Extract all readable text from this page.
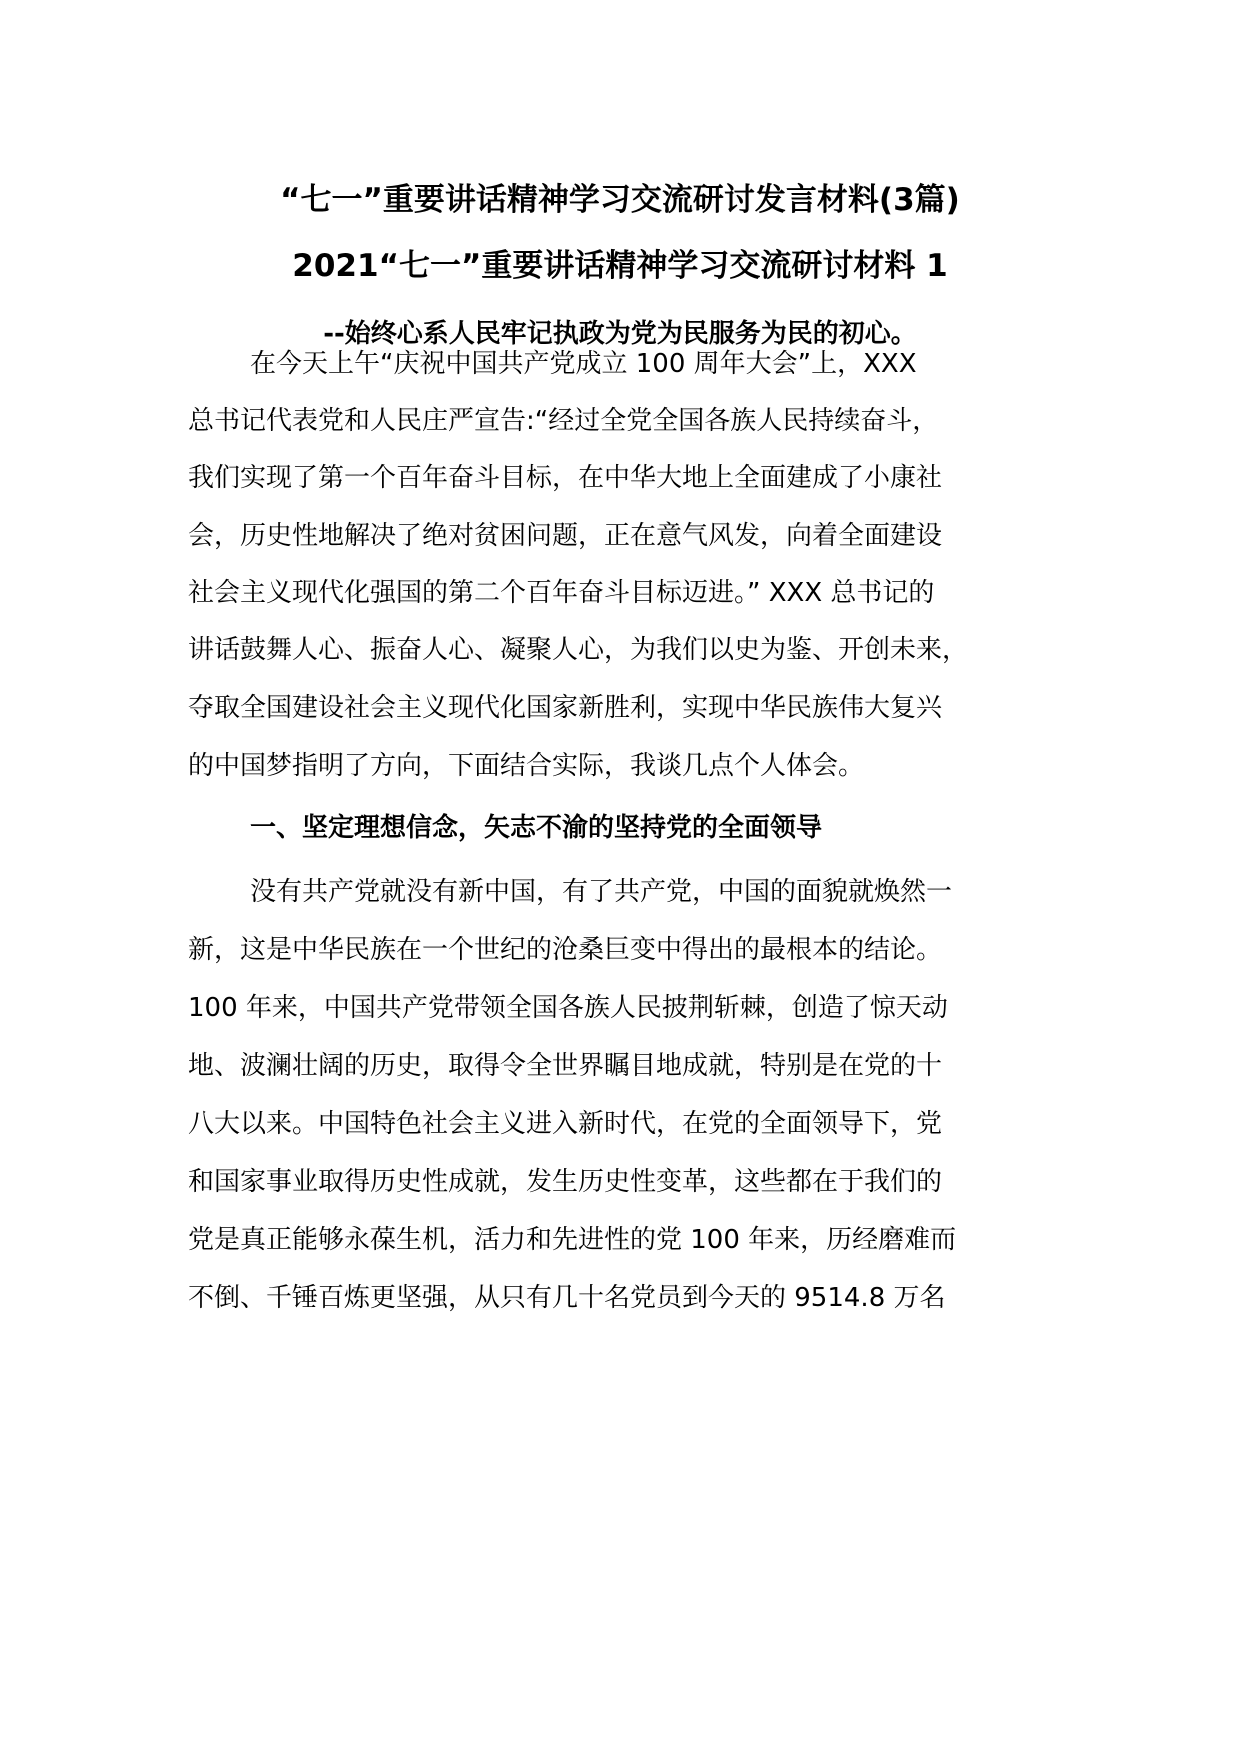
“七一”重要讲话精神学习交流研讨发言材料(3篇)
2021“七一”重要讲话精神学习交流研讨材料 1
--始终心系人民牢记执政为党为民服务为民的初心。
在今天上午“庆祝中国共产党成立 100 周年大会”上，XXX
总书记代表党和人民庄严宣告:“经过全党全国各族人民持续奋斗，
我们实现了第一个百年奋斗目标，在中华大地上全面建成了小康社
会，历史性地解决了绝对贫困问题，正在意气风发，向着全面建设
社会主义现代化强国的第二个百年奋斗目标迈进。” XXX 总书记的
讲话鼓舞人心、振奋人心、凝聚人心，为我们以史为鉴、开创未来，
夺取全国建设社会主义现代化国家新胜利，实现中华民族伟大复兴
的中国梦指明了方向，下面结合实际，我谈几点个人体会。
一、坚定理想信念，矢志不渝的坚持党的全面领导
没有共产党就没有新中国，有了共产党，中国的面貌就焕然一
新，这是中华民族在一个世纪的沧桑巨变中得出的最根本的结论。
100 年来，中国共产党带领全国各族人民披荆斩棘，创造了惊天动
地、波澜壮阔的历史，取得令全世界瞩目地成就，特别是在党的十
八大以来。中国特色社会主义进入新时代，在党的全面领导下，党
和国家事业取得历史性成就，发生历史性变革，这些都在于我们的
党是真正能够永葆生机，活力和先进性的党 100 年来，历经磨难而
不倒、千锤百炼更坚强，从只有几十名党员到今天的 9514.8 万名
